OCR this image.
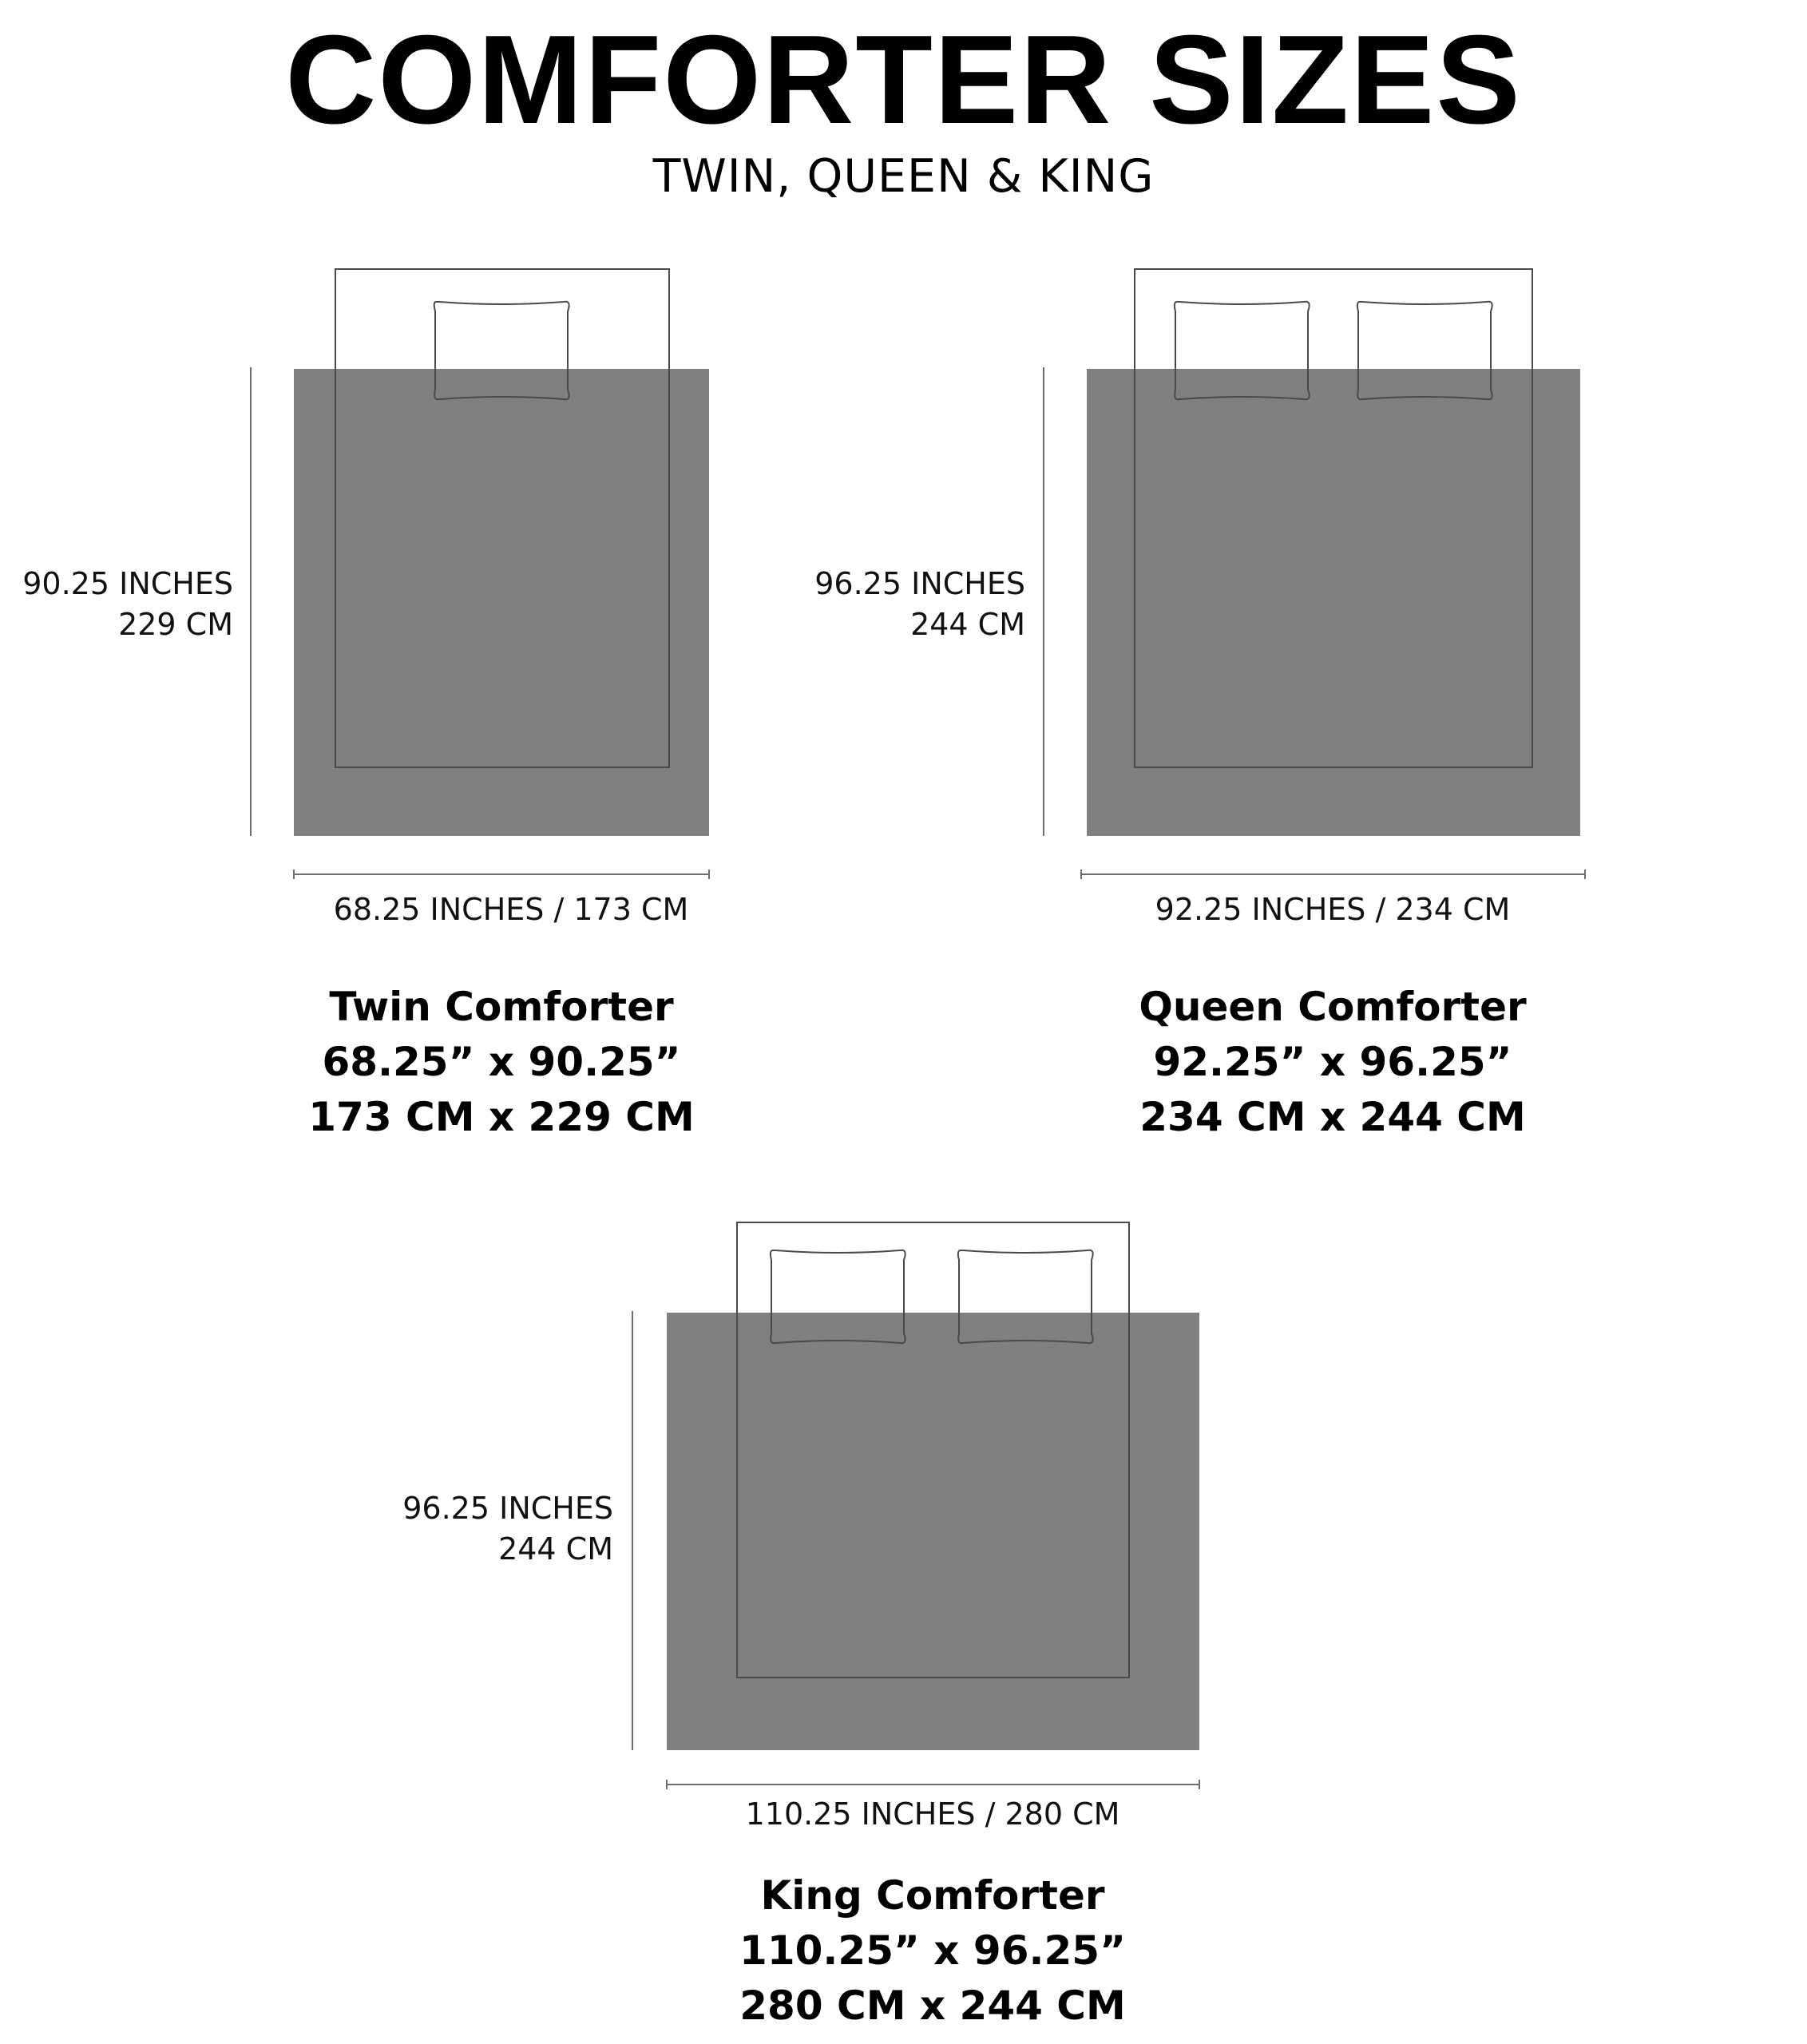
COMFORTER SIZES
TWIN, QUEEN & KING
90.25 INCHES
229 CM
68.25 INCHES / 173 CM
96.25 INCHES
244 CM
92.25 INCHES / 234 CM
96.25 INCHES
244 CM
110.25 INCHES / 280 CM
Twin Comforter
68.25” x 90.25”
173 CM x 229 CM
Queen Comforter
92.25” x 96.25”
234 CM x 244 CM
King Comforter
110.25” x 96.25”
280 CM x 244 CM
